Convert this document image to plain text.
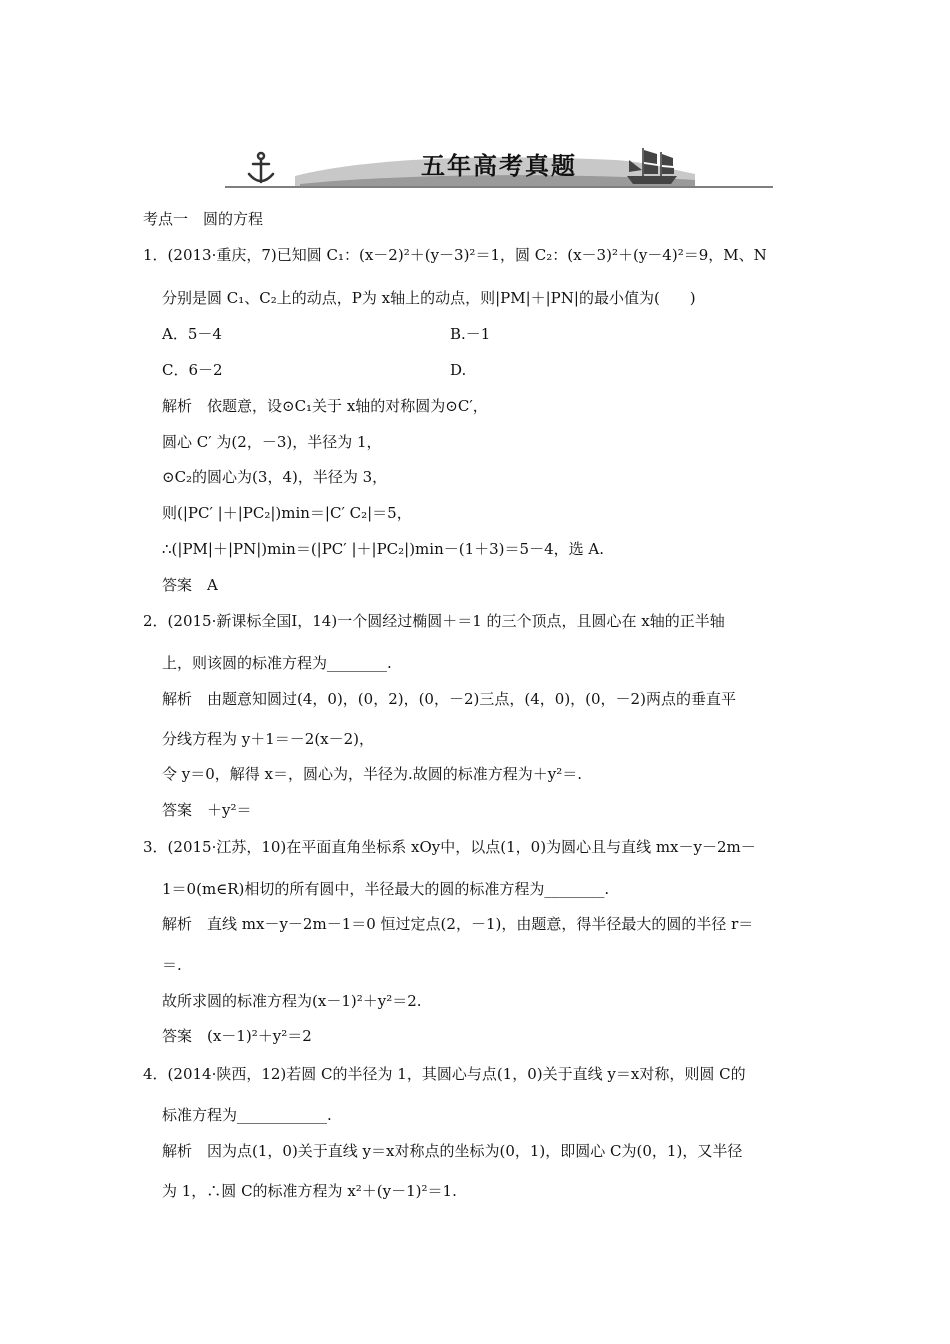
五年高考真题
考点一　圆的方程
1．(2013·重庆，7)已知圆 C₁：(x－2)²＋(y－3)²＝1，圆 C₂：(x－3)²＋(y－4)²＝9，M、N
分别是圆 C₁、C₂上的动点，P为 x轴上的动点，则|PM|＋|PN|的最小值为(　　)
A．5－4	B.－1
C．6－2	D.
解析　依题意，设⊙C₁关于 x轴的对称圆为⊙C′，
圆心 C′ 为(2，－3)，半径为 1，
⊙C₂的圆心为(3，4)，半径为 3，
则(|PC′ |＋|PC₂|)min＝|C′ C₂|＝5，
∴(|PM|＋|PN|)min＝(|PC′ |＋|PC₂|)min－(1＋3)＝5－4，选 A.
答案　A
2．(2015·新课标全国Ⅰ，14)一个圆经过椭圆＋＝1 的三个顶点，且圆心在 x轴的正半轴
上，则该圆的标准方程为________.
解析　由题意知圆过(4，0)，(0，2)，(0，－2)三点，(4，0)，(0，－2)两点的垂直平
分线方程为 y＋1＝－2(x－2)，
令 y＝0，解得 x＝，圆心为，半径为.故圆的标准方程为＋y²＝.
答案　＋y²＝
3．(2015·江苏，10)在平面直角坐标系 xOy中，以点(1，0)为圆心且与直线 mx－y－2m－
1＝0(m∈R)相切的所有圆中，半径最大的圆的标准方程为________.
解析　直线 mx－y－2m－1＝0 恒过定点(2，－1)，由题意，得半径最大的圆的半径 r＝
＝.
故所求圆的标准方程为(x－1)²＋y²＝2.
答案　(x－1)²＋y²＝2
4．(2014·陕西，12)若圆 C的半径为 1，其圆心与点(1，0)关于直线 y＝x对称，则圆 C的
标准方程为____________.
解析　因为点(1，0)关于直线 y＝x对称点的坐标为(0，1)，即圆心 C为(0，1)，又半径
为 1，∴圆 C的标准方程为 x²＋(y－1)²＝1.
